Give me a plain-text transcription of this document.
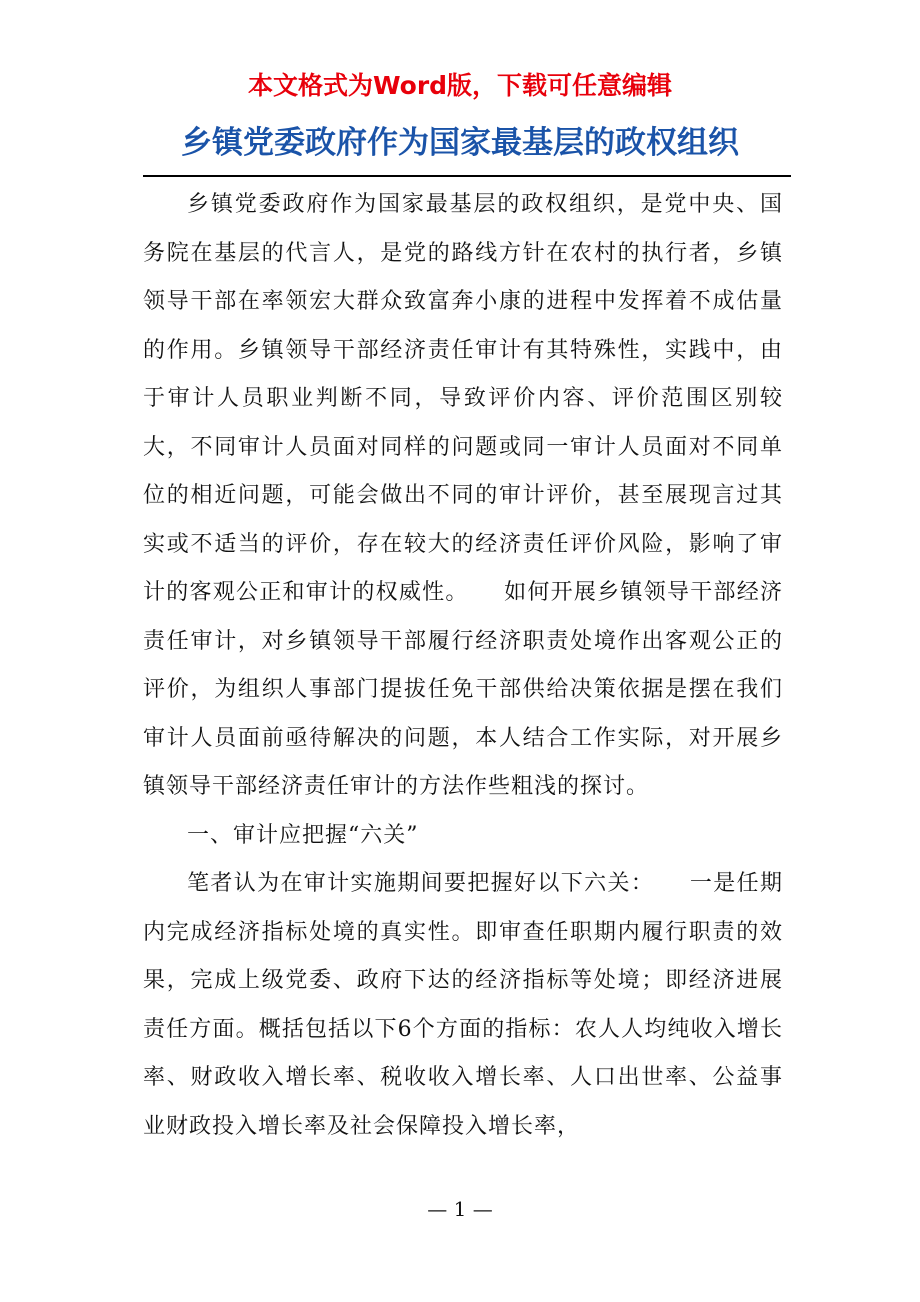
本文格式为Word版，下载可任意编辑
乡镇党委政府作为国家最基层的政权组织

乡镇党委政府作为国家最基层的政权组织，是党中央、国务院在基层的代言人，是党的路线方针在农村的执行者，乡镇领导干部在率领宏大群众致富奔小康的进程中发挥着不成估量的作用。乡镇领导干部经济责任审计有其特殊性，实践中，由于审计人员职业判断不同，导致评价内容、评价范围区别较大，不同审计人员面对同样的问题或同一审计人员面对不同单位的相近问题，可能会做出不同的审计评价，甚至展现言过其实或不适当的评价，存在较大的经济责任评价风险，影响了审计的客观公正和审计的权威性。　　如何开展乡镇领导干部经济责任审计，对乡镇领导干部履行经济职责处境作出客观公正的评价，为组织人事部门提拔任免干部供给决策依据是摆在我们审计人员面前亟待解决的问题，本人结合工作实际，对开展乡镇领导干部经济责任审计的方法作些粗浅的探讨。

一、审计应把握“六关”

笔者认为在审计实施期间要把握好以下六关：　　一是任期内完成经济指标处境的真实性。即审查任职期内履行职责的效果，完成上级党委、政府下达的经济指标等处境；即经济进展责任方面。概括包括以下6个方面的指标：农人人均纯收入增长率、财政收入增长率、税收收入增长率、人口出世率、公益事业财政投入增长率及社会保障投入增长率，

— 1 —
